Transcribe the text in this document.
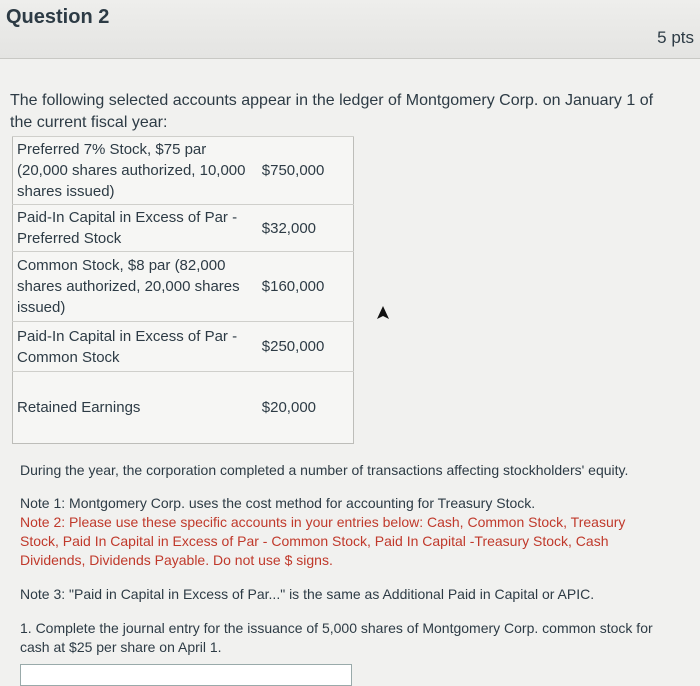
Question 2
5 pts
The following selected accounts appear in the ledger of Montgomery Corp. on January 1 of the current fiscal year:
Preferred 7% Stock, $75 par (20,000 shares authorized, 10,000 shares issued)	$750,000
Paid-In Capital in Excess of Par - Preferred Stock	$32,000
Common Stock, $8 par (82,000 shares authorized, 20,000 shares issued)	$160,000
Paid-In Capital in Excess of Par - Common Stock	$250,000
Retained Earnings	$20,000
During the year, the corporation completed a number of transactions affecting stockholders' equity.
Note 1: Montgomery Corp. uses the cost method for accounting for Treasury Stock.
Note 2: Please use these specific accounts in your entries below: Cash, Common Stock, Treasury Stock, Paid In Capital in Excess of Par - Common Stock, Paid In Capital -Treasury Stock, Cash Dividends, Dividends Payable. Do not use $ signs.
Note 3: "Paid in Capital in Excess of Par..." is the same as Additional Paid in Capital or APIC.
1. Complete the journal entry for the issuance of 5,000 shares of Montgomery Corp. common stock for cash at $25 per share on April 1.
